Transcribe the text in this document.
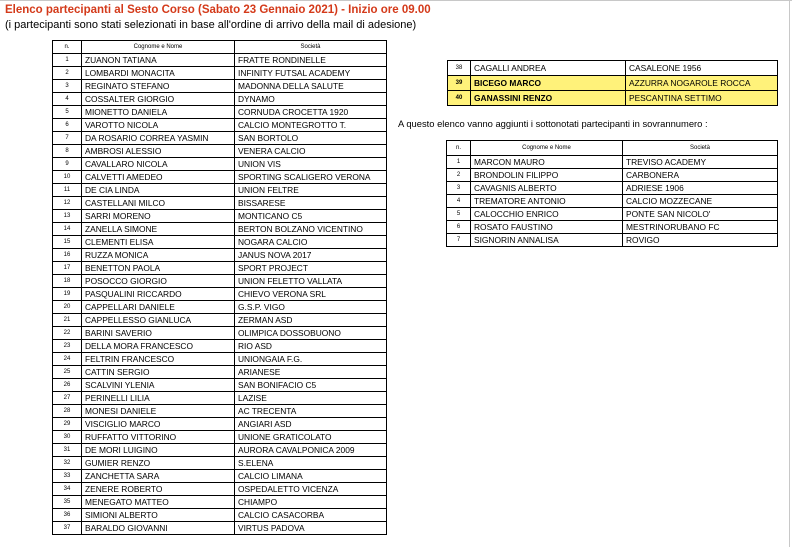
Elenco partecipanti al Sesto Corso (Sabato 23 Gennaio 2021) - Inizio ore 09.00
(i partecipanti sono stati selezionati in base all'ordine di arrivo della mail di adesione)
n.	Cognome e Nome	Società
1	ZUANON TATIANA	FRATTE RONDINELLE
2	LOMBARDI MONACITA	INFINITY FUTSAL ACADEMY
3	REGINATO STEFANO	MADONNA DELLA SALUTE
4	COSSALTER GIORGIO	DYNAMO
5	MIONETTO DANIELA	CORNUDA CROCETTA 1920
6	VAROTTO NICOLA	CALCIO MONTEGROTTO T.
7	DA ROSARIO CORREA YASMIN	SAN BORTOLO
8	AMBROSI ALESSIO	VENERA CALCIO
9	CAVALLARO NICOLA	UNION VIS
10	CALVETTI AMEDEO	SPORTING SCALIGERO VERONA
11	DE CIA LINDA	UNION FELTRE
12	CASTELLANI MILCO	BISSARESE
13	SARRI MORENO	MONTICANO C5
14	ZANELLA SIMONE	BERTON BOLZANO VICENTINO
15	CLEMENTI ELISA	NOGARA CALCIO
16	RUZZA MONICA	JANUS NOVA 2017
17	BENETTON PAOLA	SPORT PROJECT
18	POSOCCO GIORGIO	UNION FELETTO VALLATA
19	PASQUALINI RICCARDO	CHIEVO VERONA SRL
20	CAPPELLARI DANIELE	G.S.P. VIGO
21	CAPPELLESSO GIANLUCA	ZERMAN ASD
22	BARINI SAVERIO	OLIMPICA DOSSOBUONO
23	DELLA MORA FRANCESCO	RIO ASD
24	FELTRIN FRANCESCO	UNIONGAIA F.G.
25	CATTIN SERGIO	ARIANESE
26	SCALVINI YLENIA	SAN BONIFACIO C5
27	PERINELLI LILIA	LAZISE
28	MONESI DANIELE	AC TRECENTA
29	VISCIGLIO MARCO	ANGIARI ASD
30	RUFFATTO VITTORINO	UNIONE GRATICOLATO
31	DE MORI LUIGINO	AURORA CAVALPONICA 2009
32	GUMIER RENZO	S.ELENA
33	ZANCHETTA SARA	CALCIO LIMANA
34	ZENERE ROBERTO	OSPEDALETTO VICENZA
35	MENEGATO MATTEO	CHIAMPO
36	SIMIONI ALBERTO	CALCIO CASACORBA
37	BARALDO GIOVANNI	VIRTUS PADOVA
38	CAGALLI ANDREA	CASALEONE 1956
39	BICEGO MARCO	AZZURRA NOGAROLE ROCCA
40	GANASSINI RENZO	PESCANTINA SETTIMO
A questo elenco vanno aggiunti i sottonotati partecipanti in sovrannumero :
n.	Cognome e Nome	Società
1	MARCON MAURO	TREVISO ACADEMY
2	BRONDOLIN FILIPPO	CARBONERA
3	CAVAGNIS ALBERTO	ADRIESE 1906
4	TREMATORE ANTONIO	CALCIO MOZZECANE
5	CALOCCHIO ENRICO	PONTE SAN NICOLO'
6	ROSATO FAUSTINO	MESTRINORUBANO FC
7	SIGNORIN ANNALISA	ROVIGO
